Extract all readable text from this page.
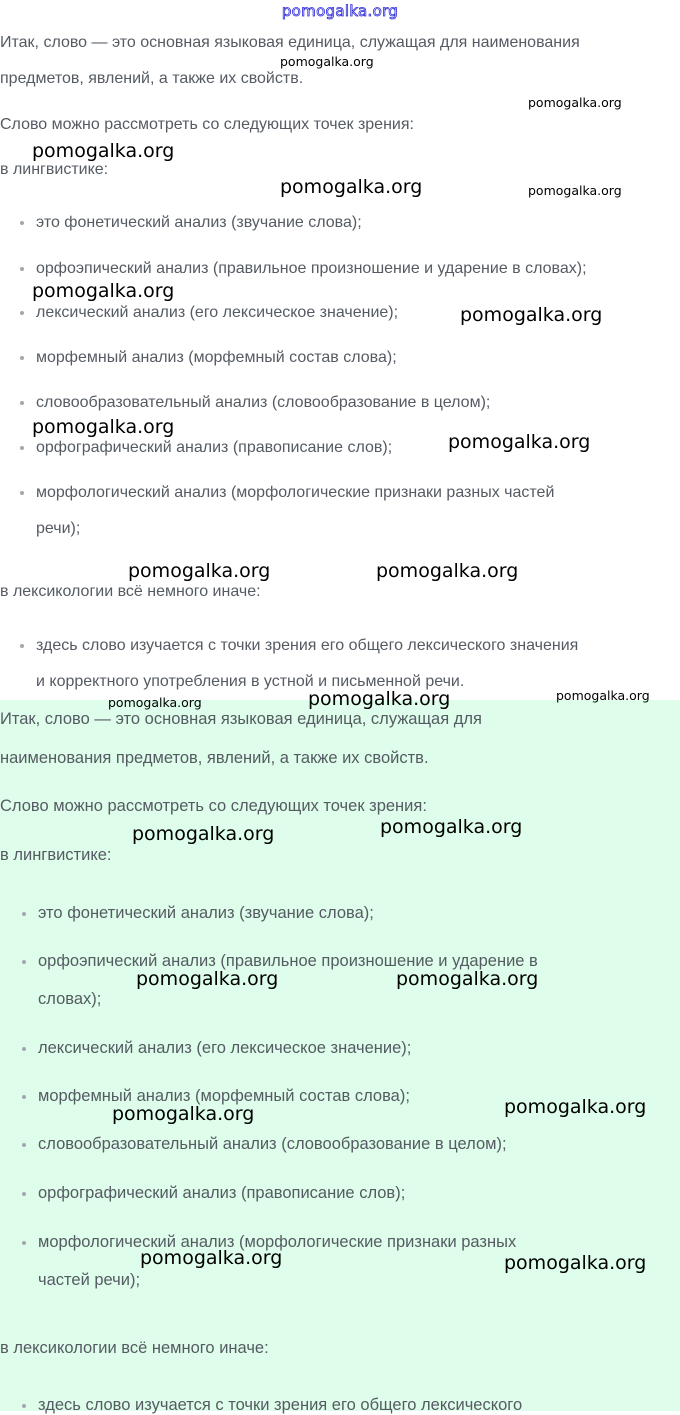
pomogalka.org

Итак, слово — это основная языковая единица, служащая для наименования

предметов, явлений, а также их свойств.

Слово можно рассмотреть со следующих точек зрения:

в лингвистике:

это фонетический анализ (звучание слова);
орфоэпический анализ (правильное произношение и ударение в словах);
лексический анализ (его лексическое значение);
морфемный анализ (морфемный состав слова);
словообразовательный анализ (словообразование в целом);
орфографический анализ (правописание слов);
морфологический анализ (морфологические признаки разных частей

речи);

в лексикологии всё немного иначе:

здесь слово изучается с точки зрения его общего лексического значения

и корректного употребления в устной и письменной речи.

Итак, слово — это основная языковая единица, служащая для

наименования предметов, явлений, а также их свойств.

Слово можно рассмотреть со следующих точек зрения:

в лингвистике:

это фонетический анализ (звучание слова);
орфоэпический анализ (правильное произношение и ударение в

словах);

лексический анализ (его лексическое значение);
морфемный анализ (морфемный состав слова);
словообразовательный анализ (словообразование в целом);
орфографический анализ (правописание слов);
морфологический анализ (морфологические признаки разных

частей речи);

в лексикологии всё немного иначе:

здесь слово изучается с точки зрения его общего лексического
pomogalka.org
pomogalka.org
pomogalka.org
pomogalka.org	pomogalka.org
pomogalka.org
pomogalka.org
pomogalka.org
pomogalka.org
pomogalka.org	pomogalka.org
pomogalka.org	pomogalka.org	pomogalka.org
pomogalka.org	pomogalka.org
pomogalka.org	pomogalka.org
pomogalka.org	pomogalka.org
pomogalka.org	pomogalka.org
